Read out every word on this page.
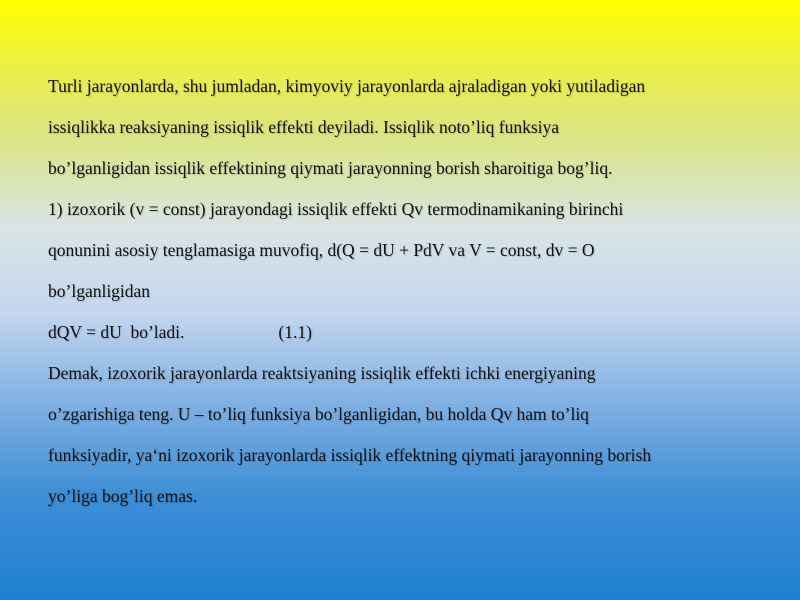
Turli jarayonlarda, shu jumladan, kimyoviy jarayonlarda ajraladigan yoki yutiladigan
issiqlikka reaksiyaning issiqlik effekti deyiladi. Issiqlik noto’liq funksiya
bo’lganligidan issiqlik effektining qiymati jarayonning borish sharoitiga bog’liq.

1) izoxorik (v = const) jarayondagi issiqlik effekti Qv termodinamikaning birinchi
qonunini asosiy tenglamasiga muvofiq, d(Q = dU + PdV va V = const, dv = O
bo’lganligidan

dQV = dU  bo’ladi.	(1.1)

Demak, izoxorik jarayonlarda reaktsiyaning issiqlik effekti ichki energiyaning
o’zgarishiga teng. U – to’liq funksiya bo’lganligidan, bu holda Qv ham to’liq
funksiyadir, ya‘ni izoxorik jarayonlarda issiqlik effektning qiymati jarayonning borish
yo’liga bog’liq emas.
